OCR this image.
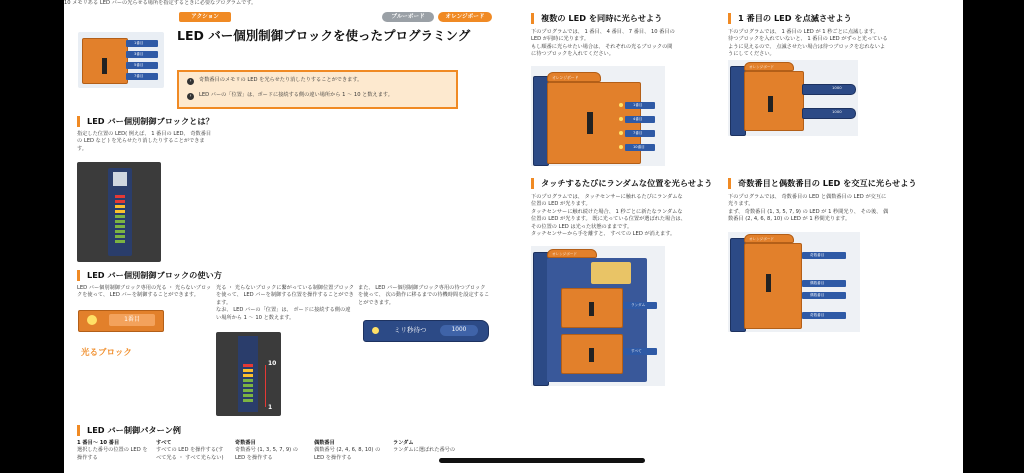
アクション	ブルーボード	オレンジボード
LED バー個別制御ブロックを使ったプログラミング
10 メモリある LED バーの光らせる場所を指定するときに必要なプログラムです。
1番目
3番目
5番目
7番目
›	奇数番目のメモリの LED を光らせたり消したりすることができます。
›	LED バーの「位置」は、ボードに接続する側の違い場所から 1 〜 10 と数えます。
LED バー個別制御ブロックとは？
指定した位置の LED( 例えば、 1 番目の LED、 奇数番目の LED など ) を光らせたり消したりすることができます。
LED バー個別制御ブロックの使い方
LED バー個別制御ブロック専用の光る ・ 光らないブロックを使って、 LED バーを制御することができます。
1番目
光るブロック
光る ・ 光らないブロックに繋がっている制御位置ブロックを使って、 LED バーを制御する位置を操作することができます。
なお、 LED バーの「位置」は、 ボードに接続する側の違い場所から 1 〜 10 と数えます。
10
1
また、 LED バー個別制御ブロック専用の待つブロックを使って、 次の動作に移るまでの待機時間を設定することができます。
ミリ秒待つ	1000
LED バー制御パターン例
1 番目〜 10 番目
選択した番号の位置の LED を操作する
すべて
すべての LED を操作する(すべて光る ・ すべて光らない)
奇数番目
奇数番号 (1, 3, 5, 7, 9) の LED を操作する
偶数番目
偶数番号 (2, 4, 6, 8, 10) の LED を操作する
ランダム
ランダムに選ばれた番号の
複数の LED を同時に光らせよう
下のプログラムでは、 1 番目、 4 番目、 7 番目、 10 番目の LED が同時に光ります。
もし順番に光らせたい場合は、 それぞれの光るブロックの間に待つブロックを入れてください。
オレンジボード
1番目
4番目
7番目
10番目
1 番目の LED を点滅させよう
下のプログラムでは、 1 番目の LED が 1 秒ごとに点滅します。
待つブロックを入れていないと、 1 番目の LED がずっと光っているように見えるので、 点滅させたい場合は待つブロックを忘れないようにしてください。
オレンジボード
1000
1000
タッチするたびにランダムな位置を光らせよう
下のプログラムでは、 タッチセンサーに触れるたびにランダムな位置の LED が光ります。
タッチセンサーに触れ続けた場合、 1 秒ごとに新たなランダムな位置の LED が光ります。 既に光っている位置が選ばれた場合は、 その位置の LED は光った状態のままです。
タッチセンサーから手を離すと、 すべての LED が消えます。
オレンジボード
ランダム
すべて
奇数番目と偶数番目の LED を交互に光らせよう
下のプログラムでは、 奇数番目の LED と偶数番目の LED が交互に光ります。
まず、 奇数番目 (1, 3, 5, 7, 9) の LED が 1 秒間光り、 その後、 偶数番目 (2, 4, 6, 8, 10) の LED が 1 秒間光ります。
オレンジボード
奇数番目
偶数番目
偶数番目
奇数番目
